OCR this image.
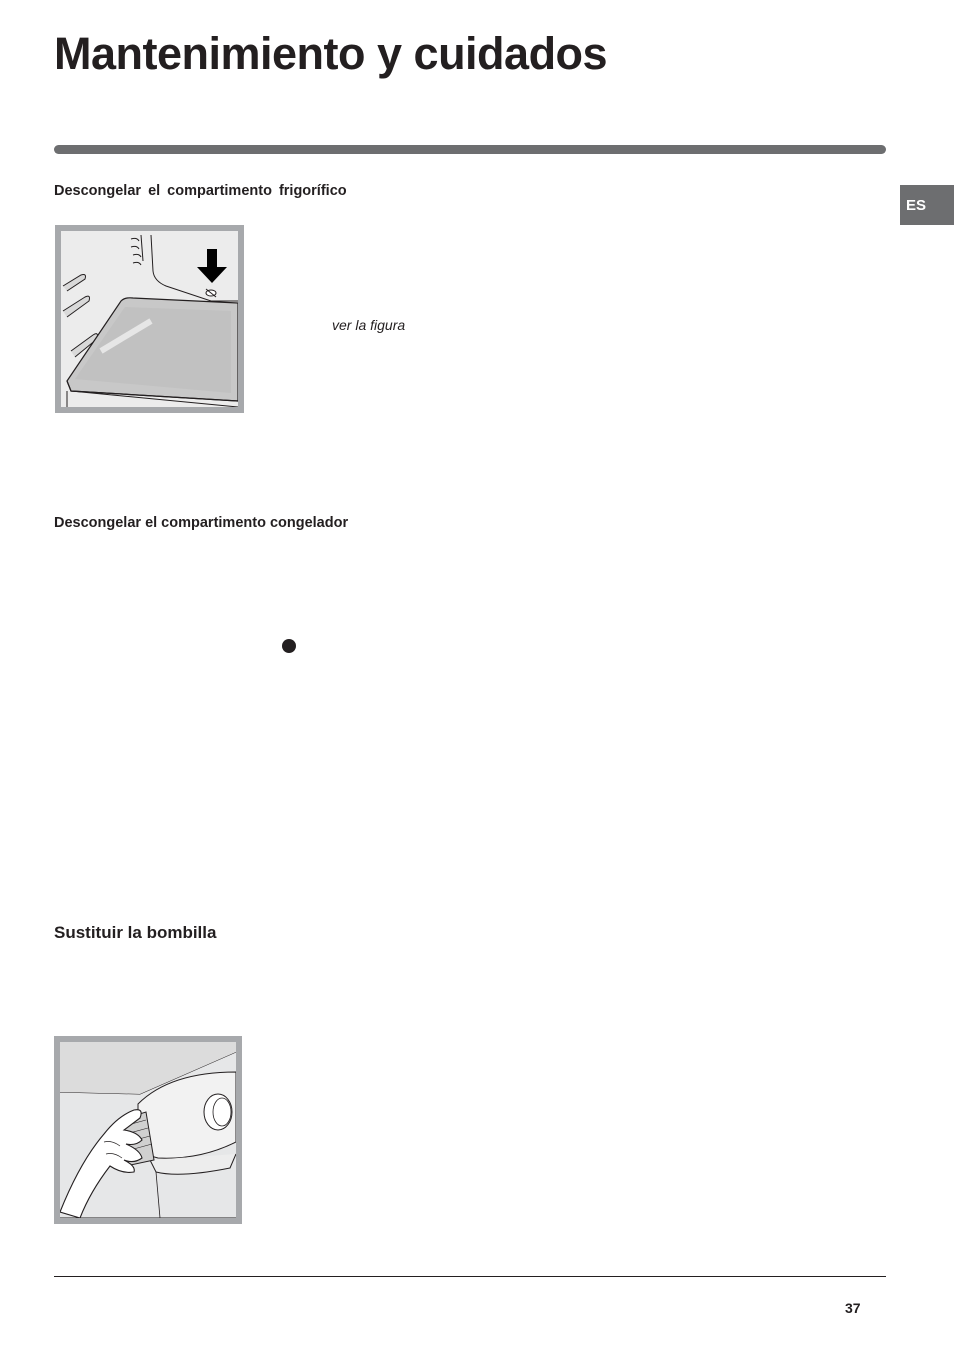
Mantenimiento y cuidados
ES
Descongelar el compartimento frigorífico
ver la figura
Descongelar el compartimento congelador
Sustituir la bombilla
37
